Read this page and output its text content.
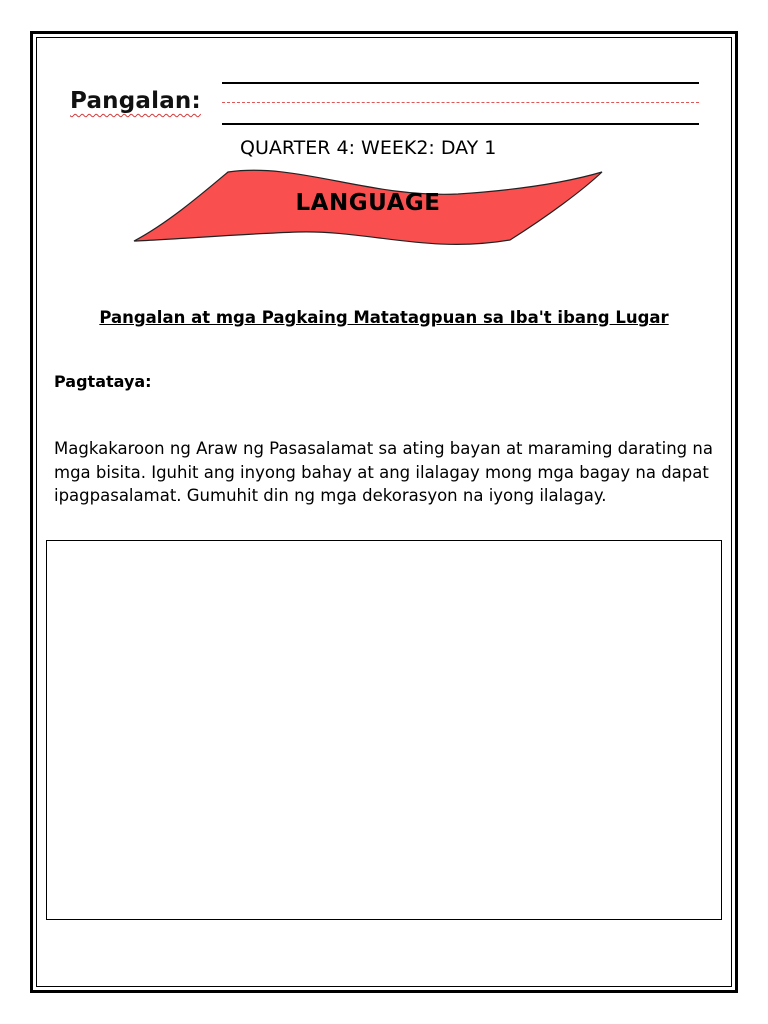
Pangalan:
QUARTER 4: WEEK2: DAY 1
LANGUAGE
Pangalan at mga Pagkaing Matatagpuan sa Iba't ibang Lugar
Pagtataya:
Magkakaroon ng Araw ng Pasasalamat sa ating bayan at maraming darating na mga bisita. Iguhit ang inyong bahay at ang ilalagay mong mga bagay na dapat ipagpasalamat. Gumuhit din ng mga dekorasyon na iyong ilalagay.
